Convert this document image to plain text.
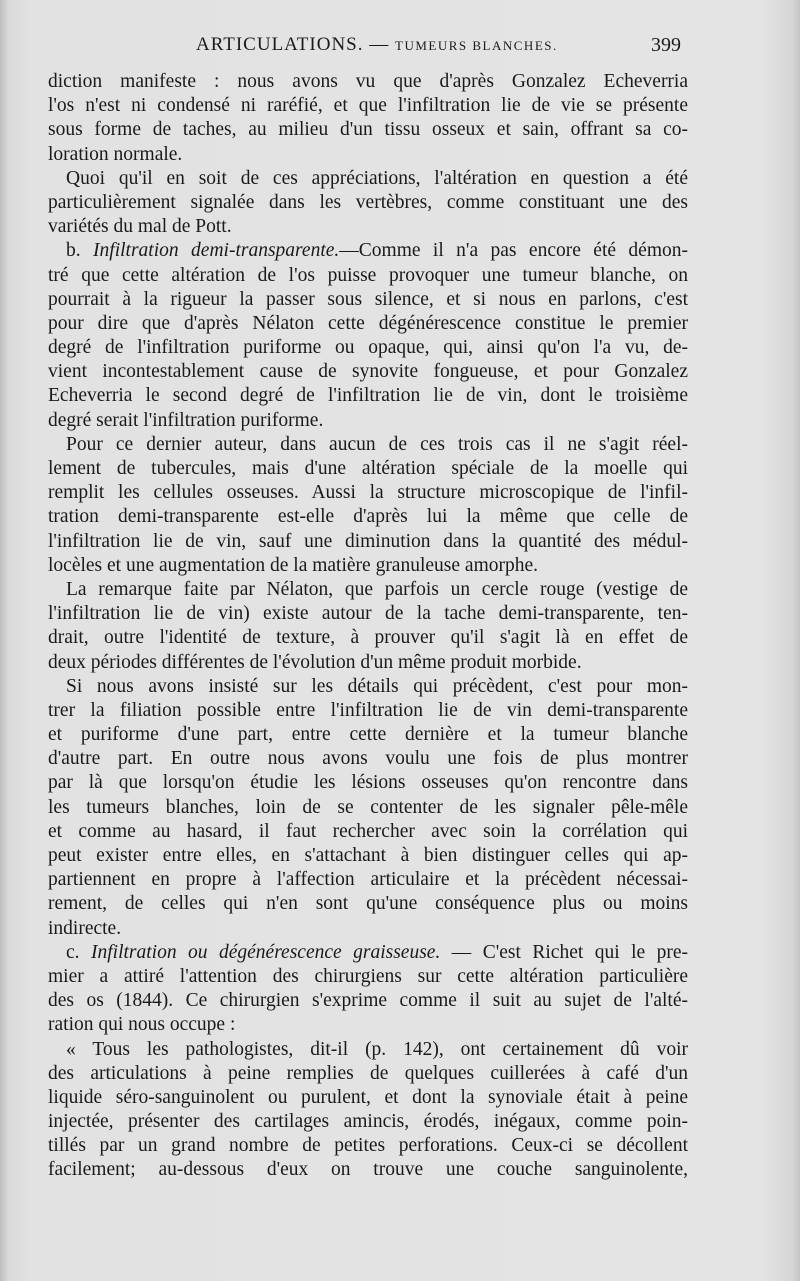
ARTICULATIONS. — TUMEURS BLANCHES.	399
diction manifeste : nous avons vu que d'après Gonzalez Echeverria
l'os n'est ni condensé ni raréfié, et que l'infiltration lie de vie se présente
sous forme de taches, au milieu d'un tissu osseux et sain, offrant sa co-
loration normale.
Quoi qu'il en soit de ces appréciations, l'altération en question a été
particulièrement signalée dans les vertèbres, comme constituant une des
variétés du mal de Pott.
b. Infiltration demi-transparente.—Comme il n'a pas encore été démon-
tré que cette altération de l'os puisse provoquer une tumeur blanche, on
pourrait à la rigueur la passer sous silence, et si nous en parlons, c'est
pour dire que d'après Nélaton cette dégénérescence constitue le premier
degré de l'infiltration puriforme ou opaque, qui, ainsi qu'on l'a vu, de-
vient incontestablement cause de synovite fongueuse, et pour Gonzalez
Echeverria le second degré de l'infiltration lie de vin, dont le troisième
degré serait l'infiltration puriforme.
Pour ce dernier auteur, dans aucun de ces trois cas il ne s'agit réel-
lement de tubercules, mais d'une altération spéciale de la moelle qui
remplit les cellules osseuses. Aussi la structure microscopique de l'infil-
tration demi-transparente est-elle d'après lui la même que celle de
l'infiltration lie de vin, sauf une diminution dans la quantité des médul-
locèles et une augmentation de la matière granuleuse amorphe.
La remarque faite par Nélaton, que parfois un cercle rouge (vestige de
l'infiltration lie de vin) existe autour de la tache demi-transparente, ten-
drait, outre l'identité de texture, à prouver qu'il s'agit là en effet de
deux périodes différentes de l'évolution d'un même produit morbide.
Si nous avons insisté sur les détails qui précèdent, c'est pour mon-
trer la filiation possible entre l'infiltration lie de vin demi-transparente
et puriforme d'une part, entre cette dernière et la tumeur blanche
d'autre part. En outre nous avons voulu une fois de plus montrer
par là que lorsqu'on étudie les lésions osseuses qu'on rencontre dans
les tumeurs blanches, loin de se contenter de les signaler pêle-mêle
et comme au hasard, il faut rechercher avec soin la corrélation qui
peut exister entre elles, en s'attachant à bien distinguer celles qui ap-
partiennent en propre à l'affection articulaire et la précèdent nécessai-
rement, de celles qui n'en sont qu'une conséquence plus ou moins
indirecte.
c. Infiltration ou dégénérescence graisseuse. — C'est Richet qui le pre-
mier a attiré l'attention des chirurgiens sur cette altération particulière
des os (1844). Ce chirurgien s'exprime comme il suit au sujet de l'alté-
ration qui nous occupe :
« Tous les pathologistes, dit-il (p. 142), ont certainement dû voir
des articulations à peine remplies de quelques cuillerées à café d'un
liquide séro-sanguinolent ou purulent, et dont la synoviale était à peine
injectée, présenter des cartilages amincis, érodés, inégaux, comme poin-
tillés par un grand nombre de petites perforations. Ceux-ci se décollent
facilement; au-dessous d'eux on trouve une couche sanguinolente,
